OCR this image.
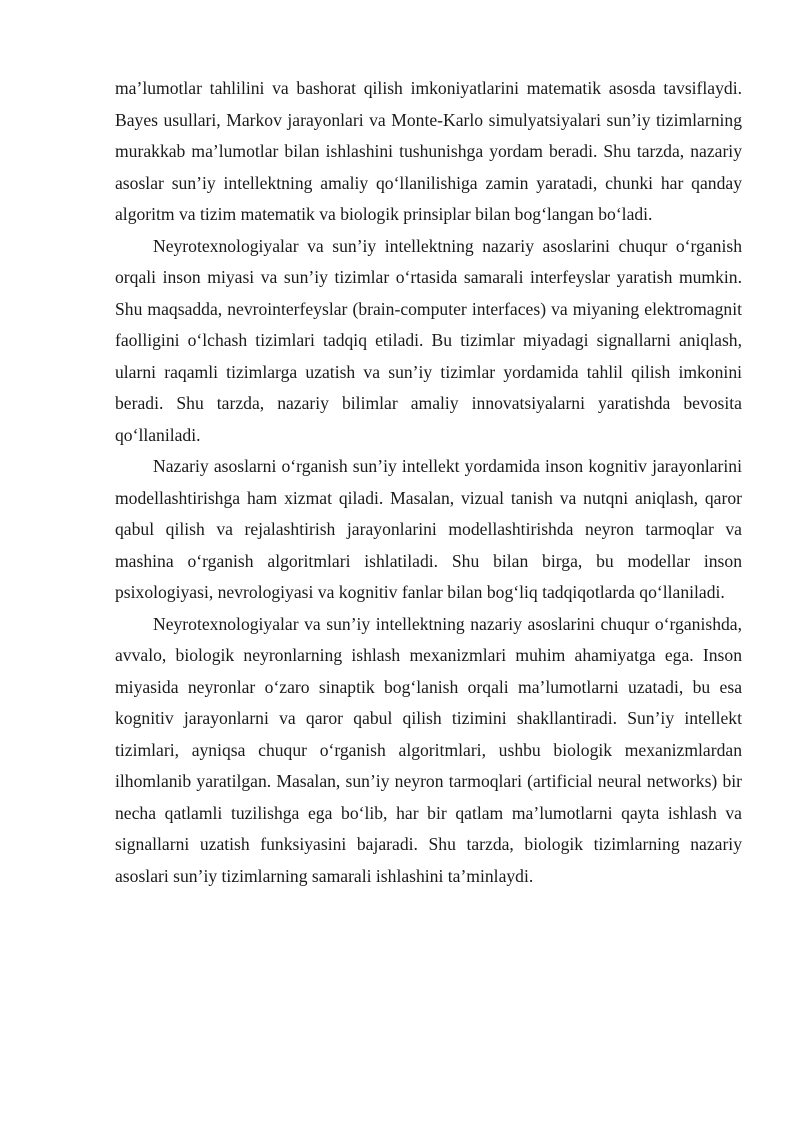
ma’lumotlar tahlilini va bashorat qilish imkoniyatlarini matematik asosda tavsiflaydi. Bayes usullari, Markov jarayonlari va Monte-Karlo simulyatsiyalari sun’iy tizimlarning murakkab ma’lumotlar bilan ishlashini tushunishga yordam beradi. Shu tarzda, nazariy asoslar sun’iy intellektning amaliy qo‘llanilishiga zamin yaratadi, chunki har qanday algoritm va tizim matematik va biologik prinsiplar bilan bog‘langan bo‘ladi.

Neyrotexnologiyalar va sun’iy intellektning nazariy asoslarini chuqur o‘rganish orqali inson miyasi va sun’iy tizimlar o‘rtasida samarali interfeyslar yaratish mumkin. Shu maqsadda, nevrointerfeyslar (brain-computer interfaces) va miyaning elektromagnit faolligini o‘lchash tizimlari tadqiq etiladi. Bu tizimlar miyadagi signallarni aniqlash, ularni raqamli tizimlarga uzatish va sun’iy tizimlar yordamida tahlil qilish imkonini beradi. Shu tarzda, nazariy bilimlar amaliy innovatsiyalarni yaratishda bevosita qo‘llaniladi.

Nazariy asoslarni o‘rganish sun’iy intellekt yordamida inson kognitiv jarayonlarini modellashtirishga ham xizmat qiladi. Masalan, vizual tanish va nutqni aniqlash, qaror qabul qilish va rejalashtirish jarayonlarini modellashtirishda neyron tarmoqlar va mashina o‘rganish algoritmlari ishlatiladi. Shu bilan birga, bu modellar inson psixologiyasi, nevrologiyasi va kognitiv fanlar bilan bog‘liq tadqiqotlarda qo‘llaniladi.

Neyrotexnologiyalar va sun’iy intellektning nazariy asoslarini chuqur o‘rganishda, avvalo, biologik neyronlarning ishlash mexanizmlari muhim ahamiyatga ega. Inson miyasida neyronlar o‘zaro sinaptik bog‘lanish orqali ma’lumotlarni uzatadi, bu esa kognitiv jarayonlarni va qaror qabul qilish tizimini shakllantiradi. Sun’iy intellekt tizimlari, ayniqsa chuqur o‘rganish algoritmlari, ushbu biologik mexanizmlardan ilhomlanib yaratilgan. Masalan, sun’iy neyron tarmoqlari (artificial neural networks) bir necha qatlamli tuzilishga ega bo‘lib, har bir qatlam ma’lumotlarni qayta ishlash va signallarni uzatish funksiyasini bajaradi. Shu tarzda, biologik tizimlarning nazariy asoslari sun’iy tizimlarning samarali ishlashini ta’minlaydi.
